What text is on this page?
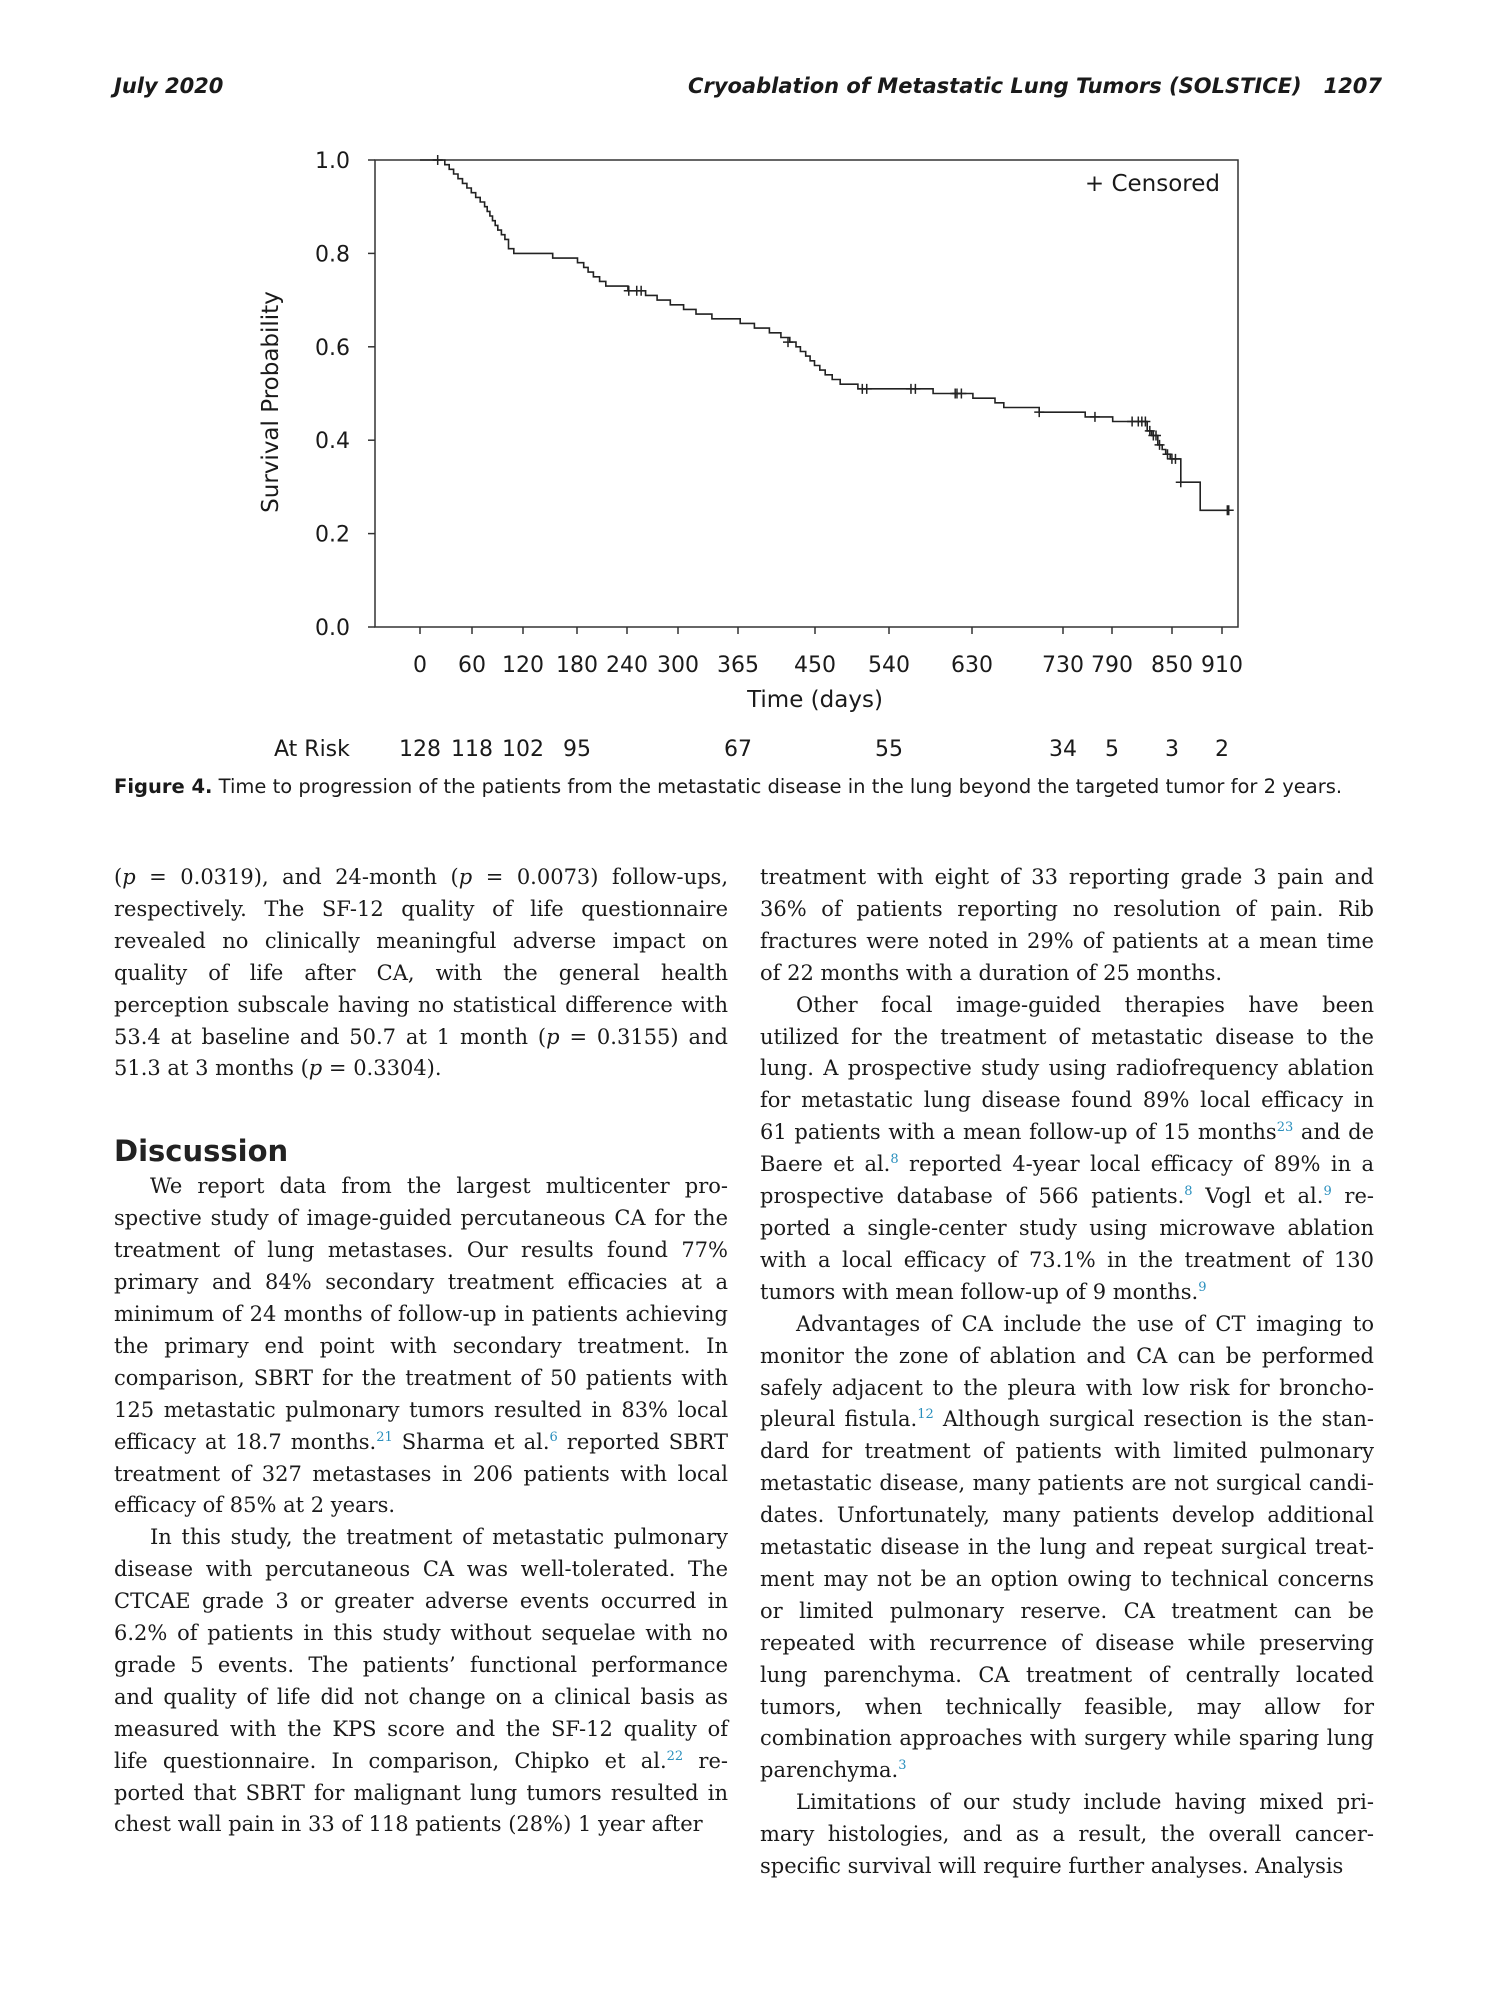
July 2020	Cryoablation of Metastatic Lung Tumors (SOLSTICE) 1207
0.0
0.2
0.4
0.6
0.8
1.0
0 60 120 180 240 300 365 450 540 630 730 790 850 910
128 118 102 95	67	55	34 5 3 2
Survival Probability
Time (days)
+ Censored
At Risk
Figure 4. Time to progression of the patients from the metastatic disease in the lung beyond the targeted tumor for 2 years.

(p = 0.0319), and 24-month (p = 0.0073) follow-ups, respectively. The SF-12 quality of life questionnaire revealed no clinically meaningful adverse impact on quality of life after CA, with the general health perception subscale having no statistical difference with 53.4 at baseline and 50.7 at 1 month (p = 0.3155) and 51.3 at 3 months (p = 0.3304).

Discussion

We report data from the largest multicenter prospective study of image-guided percutaneous CA for the treatment of lung metastases. Our results found 77% primary and 84% secondary treatment efficacies at a minimum of 24 months of follow-up in patients achieving the primary end point with secondary treatment. In comparison, SBRT for the treatment of 50 patients with 125 metastatic pulmonary tumors resulted in 83% local efficacy at 18.7 months.$^{21}$ Sharma et al.$^6$ reported SBRT treatment of 327 metastases in 206 patients with local efficacy of 85% at 2 years.

In this study, the treatment of metastatic pulmonary disease with percutaneous CA was well-tolerated. The CTCAE grade 3 or greater adverse events occurred in 6.2% of patients in this study without sequelae with no grade 5 events. The patients’ functional performance and quality of life did not change on a clinical basis as measured with the KPS score and the SF-12 quality of life questionnaire. In comparison, Chipko et al.$^{22}$ reported that SBRT for malignant lung tumors resulted in chest wall pain in 33 of 118 patients (28%) 1 year after

treatment with eight of 33 reporting grade 3 pain and 36% of patients reporting no resolution of pain. Rib fractures were noted in 29% of patients at a mean time of 22 months with a duration of 25 months.

Other focal image-guided therapies have been utilized for the treatment of metastatic disease to the lung. A prospective study using radiofrequency ablation for metastatic lung disease found 89% local efficacy in 61 patients with a mean follow-up of 15 months$^{23}$ and de Baere et al.$^8$ reported 4-year local efficacy of 89% in a prospective database of 566 patients.$^8$ Vogl et al.$^9$ reported a single-center study using microwave ablation with a local efficacy of 73.1% in the treatment of 130 tumors with mean follow-up of 9 months.$^9$

Advantages of CA include the use of CT imaging to monitor the zone of ablation and CA can be performed safely adjacent to the pleura with low risk for bronchopleural fistula.$^{12}$ Although surgical resection is the standard for treatment of patients with limited pulmonary metastatic disease, many patients are not surgical candidates. Unfortunately, many patients develop additional metastatic disease in the lung and repeat surgical treatment may not be an option owing to technical concerns or limited pulmonary reserve. CA treatment can be repeated with recurrence of disease while preserving lung parenchyma. CA treatment of centrally located tumors, when technically feasible, may allow for combination approaches with surgery while sparing lung parenchyma.$^3$

Limitations of our study include having mixed primary histologies, and as a result, the overall cancer-specific survival will require further analyses. Analysis
